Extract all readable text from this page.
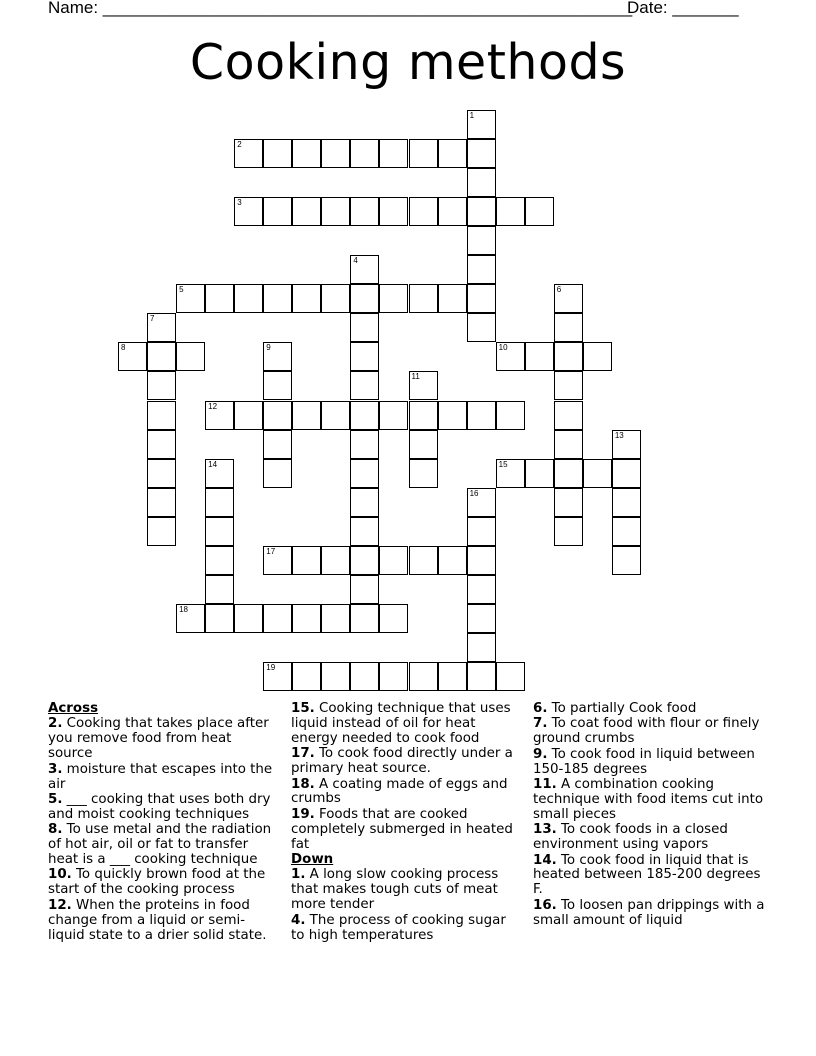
Name: ________________________________________________________
Date: _______
Cooking methods
1
2
3
4
5	6
7
8	9	10
11
12
13
14	15
16
17
18
19
Across
2. Cooking that takes place after you remove food from heat source
3. moisture that escapes into the air
5. ___ cooking that uses both dry and moist cooking techniques
8. To use metal and the radiation of hot air, oil or fat to transfer heat is a ___ cooking technique
10. To quickly brown food at the start of the cooking process
12. When the proteins in food change from a liquid or semi-liquid state to a drier solid state.
15. Cooking technique that uses liquid instead of oil for heat energy needed to cook food
17. To cook food directly under a primary heat source.
18. A coating made of eggs and crumbs
19. Foods that are cooked completely submerged in heated fat
Down
1. A long slow cooking process that makes tough cuts of meat more tender
4. The process of cooking sugar to high temperatures
6. To partially Cook food
7. To coat food with flour or finely ground crumbs
9. To cook food in liquid between 150-185 degrees
11. A combination cooking technique with food items cut into small pieces
13. To cook foods in a closed environment using vapors
14. To cook food in liquid that is heated between 185-200 degrees F.
16. To loosen pan drippings with a small amount of liquid
